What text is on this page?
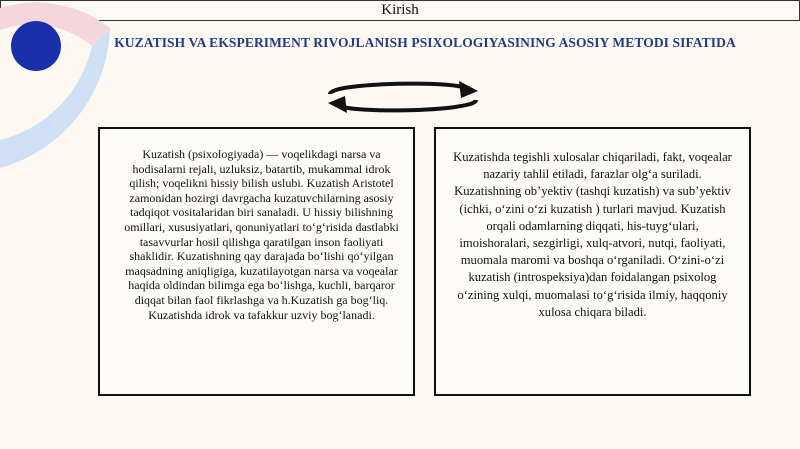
Kirish
KUZATISH VA EKSPERIMENT RIVOJLANISH PSIXOLOGIYASINING ASOSIY METODI SIFATIDA

Kuzatish (psixologiyada) — voqelikdagi narsa va hodisalarni rejali, uzluksiz, batartib, mukammal idrok qilish; voqelikni hissiy bilish uslubi. Kuzatish Aristotel zamonidan hozirgi davrgacha kuzatuvchilarning asosiy tadqiqot vositalaridan biri sanaladi. U hissiy bilishning omillari, xususiyatlari, qonuniyatlari to‘g‘risida dastlabki tasavvurlar hosil qilishga qaratilgan inson faoliyati shaklidir. Kuzatishning qay darajada bo‘lishi qo‘yilgan maqsadning aniqligiga, kuzatilayotgan narsa va voqealar haqida oldindan bilimga ega bo‘lishga, kuchli, barqaror diqqat bilan faol fikrlashga va h.Kuzatish ga bog‘liq. Kuzatishda idrok va tafakkur uzviy bog‘lanadi.

Kuzatishda tegishli xulosalar chiqariladi, fakt, voqealar nazariy tahlil etiladi, farazlar olg‘a suriladi. Kuzatishning ob’yektiv (tashqi kuzatish) va sub’yektiv (ichki, o‘zini o‘zi kuzatish ) turlari mavjud. Kuzatish orqali odamlarning diqqati, his-tuyg‘ulari, imoishoralari, sezgirligi, xulq-atvori, nutqi, faoliyati, muomala maromi va boshqa o‘rganiladi. O‘zini-o‘zi kuzatish (introspeksiya)dan foidalangan psixolog o‘zining xulqi, muomalasi to‘g‘risida ilmiy, haqqoniy xulosa chiqara biladi.
